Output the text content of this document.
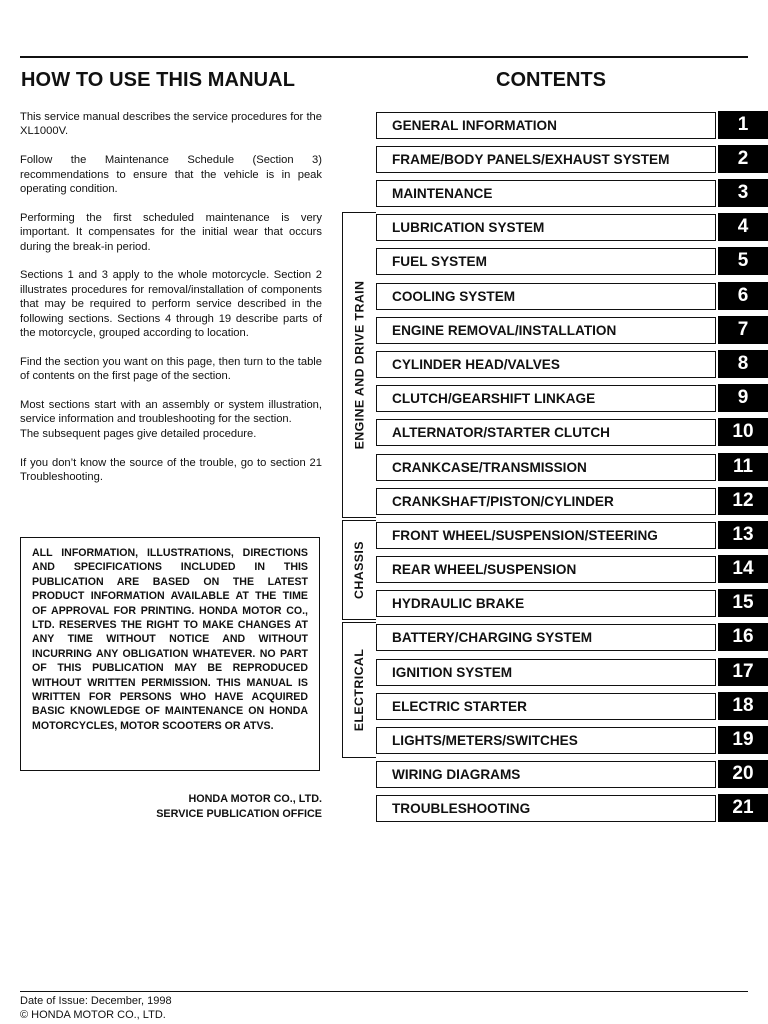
HOW TO USE THIS MANUAL	CONTENTS

This service manual describes the service procedures for the XL1000V.

Follow the Maintenance Schedule (Section 3) recommendations to ensure that the vehicle is in peak operating condition.

Performing the first scheduled maintenance is very important. It compensates for the initial wear that occurs during the break-in period.

Sections 1 and 3 apply to the whole motorcycle. Section 2 illustrates procedures for removal/installation of components that may be required to perform service described in the following sections. Sections 4 through 19 describe parts of the motorcycle, grouped according to location.

Find the section you want on this page, then turn to the table of contents on the first page of the section.

Most sections start with an assembly or system illustration, service information and troubleshooting for the section.
The subsequent pages give detailed procedure.

If you don’t know the source of the trouble, go to section 21 Troubleshooting.

ALL INFORMATION, ILLUSTRATIONS, DIRECTIONS AND SPECIFICATIONS INCLUDED IN THIS PUBLICATION ARE BASED ON THE LATEST PRODUCT INFORMATION AVAILABLE AT THE TIME OF APPROVAL FOR PRINTING. HONDA MOTOR CO., LTD. RESERVES THE RIGHT TO MAKE CHANGES AT ANY TIME WITHOUT NOTICE AND WITHOUT INCURRING ANY OBLIGATION WHATEVER. NO PART OF THIS PUBLICATION MAY BE REPRODUCED WITHOUT WRITTEN PERMISSION. THIS MANUAL IS WRITTEN FOR PERSONS WHO HAVE ACQUIRED BASIC KNOWLEDGE OF MAINTENANCE ON HONDA MOTORCYCLES, MOTOR SCOOTERS OR ATVS.
HONDA MOTOR CO., LTD.
SERVICE PUBLICATION OFFICE
GENERAL INFORMATION	1
FRAME/BODY PANELS/EXHAUST SYSTEM	2
MAINTENANCE	3
LUBRICATION SYSTEM	4
FUEL SYSTEM	5
COOLING SYSTEM	6
ENGINE REMOVAL/INSTALLATION	7
CYLINDER HEAD/VALVES	8
CLUTCH/GEARSHIFT LINKAGE	9
ALTERNATOR/STARTER CLUTCH	10
CRANKCASE/TRANSMISSION	11
CRANKSHAFT/PISTON/CYLINDER	12
FRONT WHEEL/SUSPENSION/STEERING	13
REAR WHEEL/SUSPENSION	14
HYDRAULIC BRAKE	15
BATTERY/CHARGING SYSTEM	16
IGNITION SYSTEM	17
ELECTRIC STARTER	18
LIGHTS/METERS/SWITCHES	19
WIRING DIAGRAMS	20
TROUBLESHOOTING	21
ENGINE AND DRIVE TRAIN
CHASSIS
ELECTRICAL
Date of Issue: December, 1998
© HONDA MOTOR CO., LTD.
